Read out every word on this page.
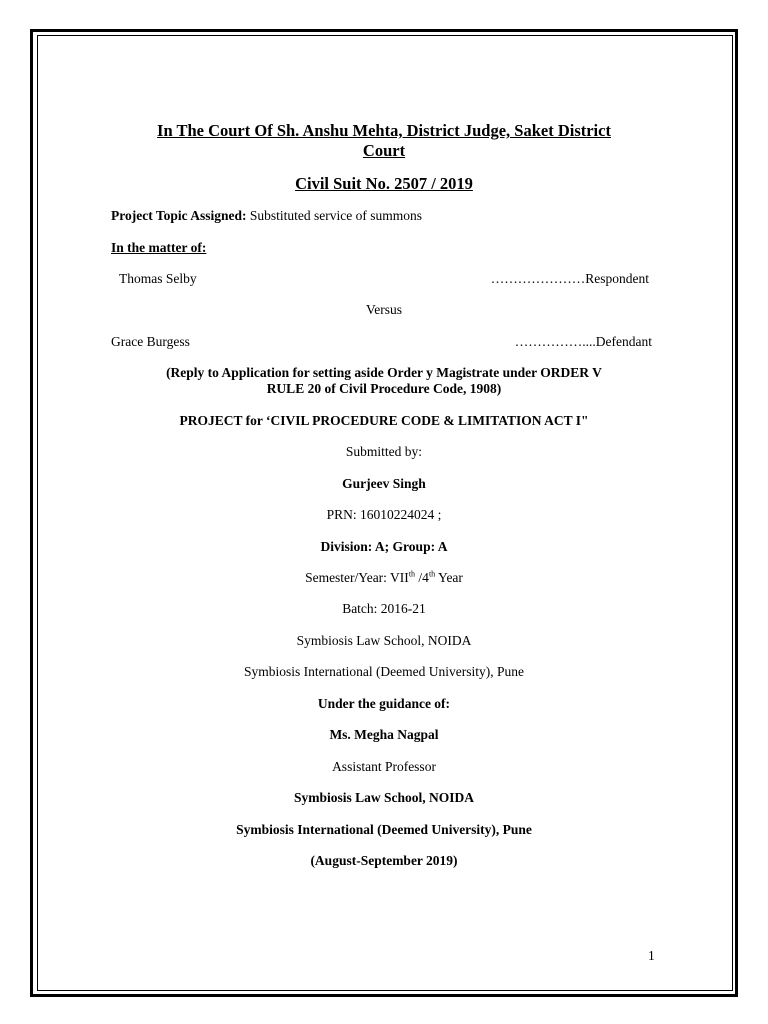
In The Court Of Sh. Anshu Mehta, District Judge, Saket District
Court
Civil Suit No. 2507 / 2019
Project Topic Assigned: Substituted service of summons
In the matter of:
Thomas Selby	…………………Respondent
Versus
Grace Burgess	……………....Defendant
(Reply to Application for setting aside Order y Magistrate under ORDER V
RULE 20 of Civil Procedure Code, 1908)
PROJECT for ‘CIVIL PROCEDURE CODE & LIMITATION ACT I"
Submitted by:
Gurjeev Singh
PRN: 16010224024 ;
Division: A; Group: A
Semester/Year: VIIth /4th Year
Batch: 2016-21
Symbiosis Law School, NOIDA
Symbiosis International (Deemed University), Pune
Under the guidance of:
Ms. Megha Nagpal
Assistant Professor
Symbiosis Law School, NOIDA
Symbiosis International (Deemed University), Pune
(August-September 2019)
1
